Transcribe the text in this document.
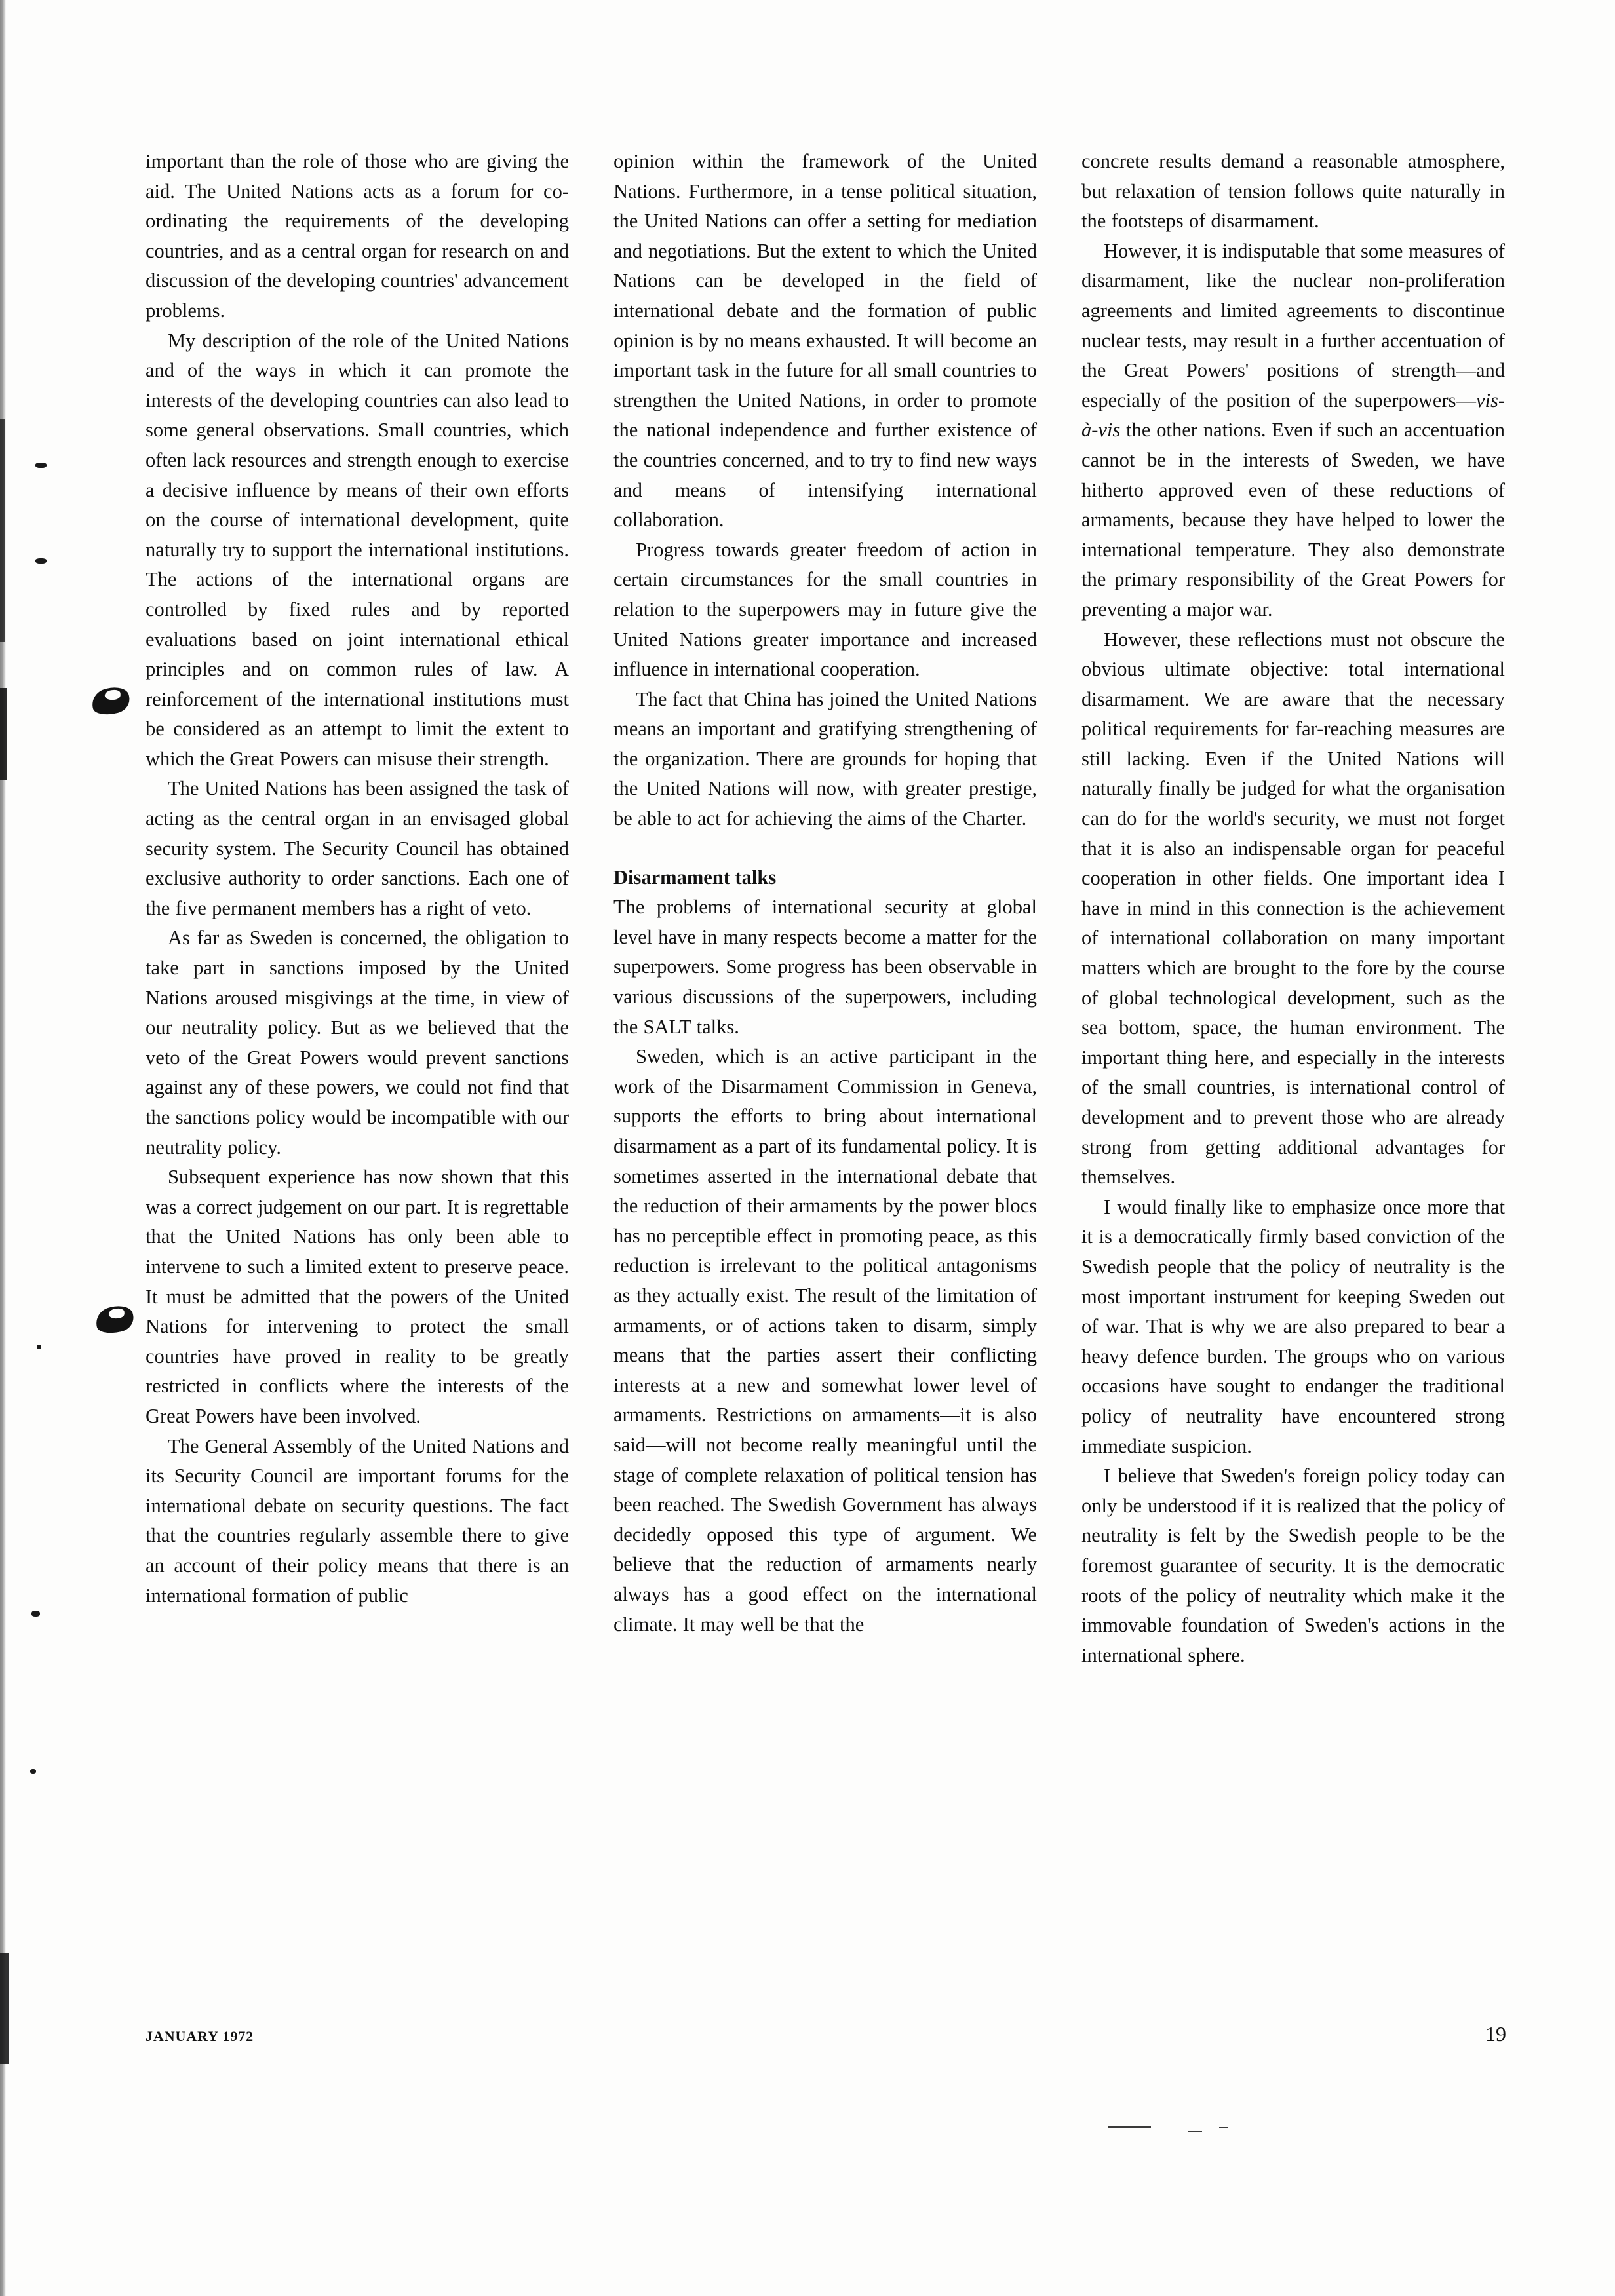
important than the role of those who are giving the aid. The United Nations acts as a forum for co-ordinating the requirements of the developing countries, and as a central organ for research on and discussion of the developing countries' advancement problems.

My description of the role of the United Nations and of the ways in which it can promote the interests of the developing countries can also lead to some general observations. Small countries, which often lack resources and strength enough to exercise a decisive influence by means of their own efforts on the course of international development, quite naturally try to support the international institutions. The actions of the international organs are controlled by fixed rules and by reported evaluations based on joint international ethical principles and on common rules of law. A reinforcement of the international institutions must be considered as an attempt to limit the extent to which the Great Powers can misuse their strength.

The United Nations has been assigned the task of acting as the central organ in an envisaged global security system. The Security Council has obtained exclusive authority to order sanctions. Each one of the five permanent members has a right of veto.

As far as Sweden is concerned, the obligation to take part in sanctions imposed by the United Nations aroused misgivings at the time, in view of our neutrality policy. But as we believed that the veto of the Great Powers would prevent sanctions against any of these powers, we could not find that the sanctions policy would be incompatible with our neutrality policy.

Subsequent experience has now shown that this was a correct judgement on our part. It is regrettable that the United Nations has only been able to intervene to such a limited extent to preserve peace. It must be admitted that the powers of the United Nations for intervening to protect the small countries have proved in reality to be greatly restricted in conflicts where the interests of the Great Powers have been involved.

The General Assembly of the United Nations and its Security Council are important forums for the international debate on security questions. The fact that the countries regularly assemble there to give an account of their policy means that there is an international formation of public

opinion within the framework of the United Nations. Furthermore, in a tense political situation, the United Nations can offer a setting for mediation and negotiations. But the extent to which the United Nations can be developed in the field of international debate and the formation of public opinion is by no means exhausted. It will become an important task in the future for all small countries to strengthen the United Nations, in order to promote the national independence and further existence of the countries concerned, and to try to find new ways and means of intensifying international collaboration.

Progress towards greater freedom of action in certain circumstances for the small countries in relation to the superpowers may in future give the United Nations greater importance and increased influence in international cooperation.

The fact that China has joined the United Nations means an important and gratifying strengthening of the organization. There are grounds for hoping that the United Nations will now, with greater prestige, be able to act for achieving the aims of the Charter.

Disarmament talks

The problems of international security at global level have in many respects become a matter for the superpowers. Some progress has been observable in various discussions of the superpowers, including the SALT talks.

Sweden, which is an active participant in the work of the Disarmament Commission in Geneva, supports the efforts to bring about international disarmament as a part of its fundamental policy. It is sometimes asserted in the international debate that the reduction of their armaments by the power blocs has no perceptible effect in promoting peace, as this reduction is irrelevant to the political antagonisms as they actually exist. The result of the limitation of armaments, or of actions taken to disarm, simply means that the parties assert their conflicting interests at a new and somewhat lower level of armaments. Restrictions on armaments—it is also said—will not become really meaningful until the stage of complete relaxation of political tension has been reached. The Swedish Government has always decidedly opposed this type of argument. We believe that the reduction of armaments nearly always has a good effect on the international climate. It may well be that the

concrete results demand a reasonable atmosphere, but relaxation of tension follows quite naturally in the footsteps of disarmament.

However, it is indisputable that some measures of disarmament, like the nuclear non-proliferation agreements and limited agreements to discontinue nuclear tests, may result in a further accentuation of the Great Powers' positions of strength—and especially of the position of the superpowers—vis-à-vis the other nations. Even if such an accentuation cannot be in the interests of Sweden, we have hitherto approved even of these reductions of armaments, because they have helped to lower the international temperature. They also demonstrate the primary responsibility of the Great Powers for preventing a major war.

However, these reflections must not obscure the obvious ultimate objective: total international disarmament. We are aware that the necessary political requirements for far-reaching measures are still lacking. Even if the United Nations will naturally finally be judged for what the organisation can do for the world's security, we must not forget that it is also an indispensable organ for peaceful cooperation in other fields. One important idea I have in mind in this connection is the achievement of international collaboration on many important matters which are brought to the fore by the course of global technological development, such as the sea bottom, space, the human environment. The important thing here, and especially in the interests of the small countries, is international control of development and to prevent those who are already strong from getting additional advantages for themselves.

I would finally like to emphasize once more that it is a democratically firmly based conviction of the Swedish people that the policy of neutrality is the most important instrument for keeping Sweden out of war. That is why we are also prepared to bear a heavy defence burden. The groups who on various occasions have sought to endanger the traditional policy of neutrality have encountered strong immediate suspicion.

I believe that Sweden's foreign policy today can only be understood if it is realized that the policy of neutrality is felt by the Swedish people to be the foremost guarantee of security. It is the democratic roots of the policy of neutrality which make it the immovable foundation of Sweden's actions in the international sphere.

JANUARY 1972	19
